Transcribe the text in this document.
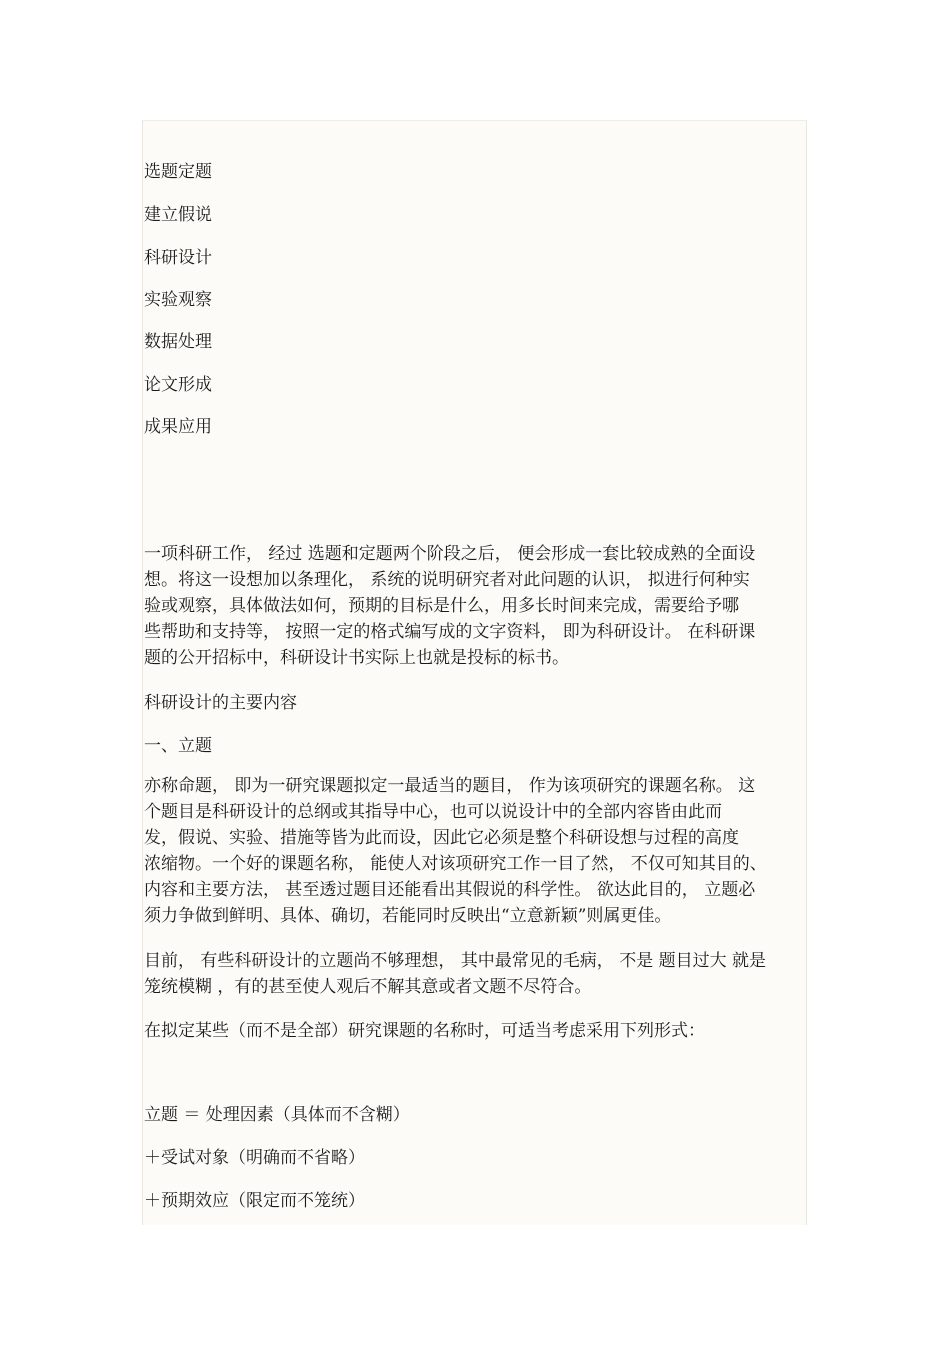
选题定题

建立假说

科研设计

实验观察

数据处理

论文形成

成果应用

一项科研工作， 经过 选题和定题两个阶段之后， 便会形成一套比较成熟的全面设
想。将这一设想加以条理化， 系统的说明研究者对此问题的认识， 拟进行何种实
验或观察，具体做法如何，预期的目标是什么，用多长时间来完成，需要给予哪
些帮助和支持等， 按照一定的格式编写成的文字资料， 即为科研设计。 在科研课
题的公开招标中，科研设计书实际上也就是投标的标书。

科研设计的主要内容

一、立题

亦称命题， 即为一研究课题拟定一最适当的题目， 作为该项研究的课题名称。 这
个题目是科研设计的总纲或其指导中心，也可以说设计中的全部内容皆由此而
发，假说、实验、措施等皆为此而设，因此它必须是整个科研设想与过程的高度
浓缩物。一个好的课题名称， 能使人对该项研究工作一目了然， 不仅可知其目的、
内容和主要方法， 甚至透过题目还能看出其假说的科学性。 欲达此目的， 立题必
须力争做到鲜明、具体、确切，若能同时反映出“立意新颖”则属更佳。
目前， 有些科研设计的立题尚不够理想， 其中最常见的毛病， 不是 题目过大 就是
笼统模糊 ，有的甚至使人观后不解其意或者文题不尽符合。

在拟定某些（而不是全部）研究课题的名称时，可适当考虑采用下列形式：

立题 ＝ 处理因素（具体而不含糊）

＋受试对象（明确而不省略）

＋预期效应（限定而不笼统）
